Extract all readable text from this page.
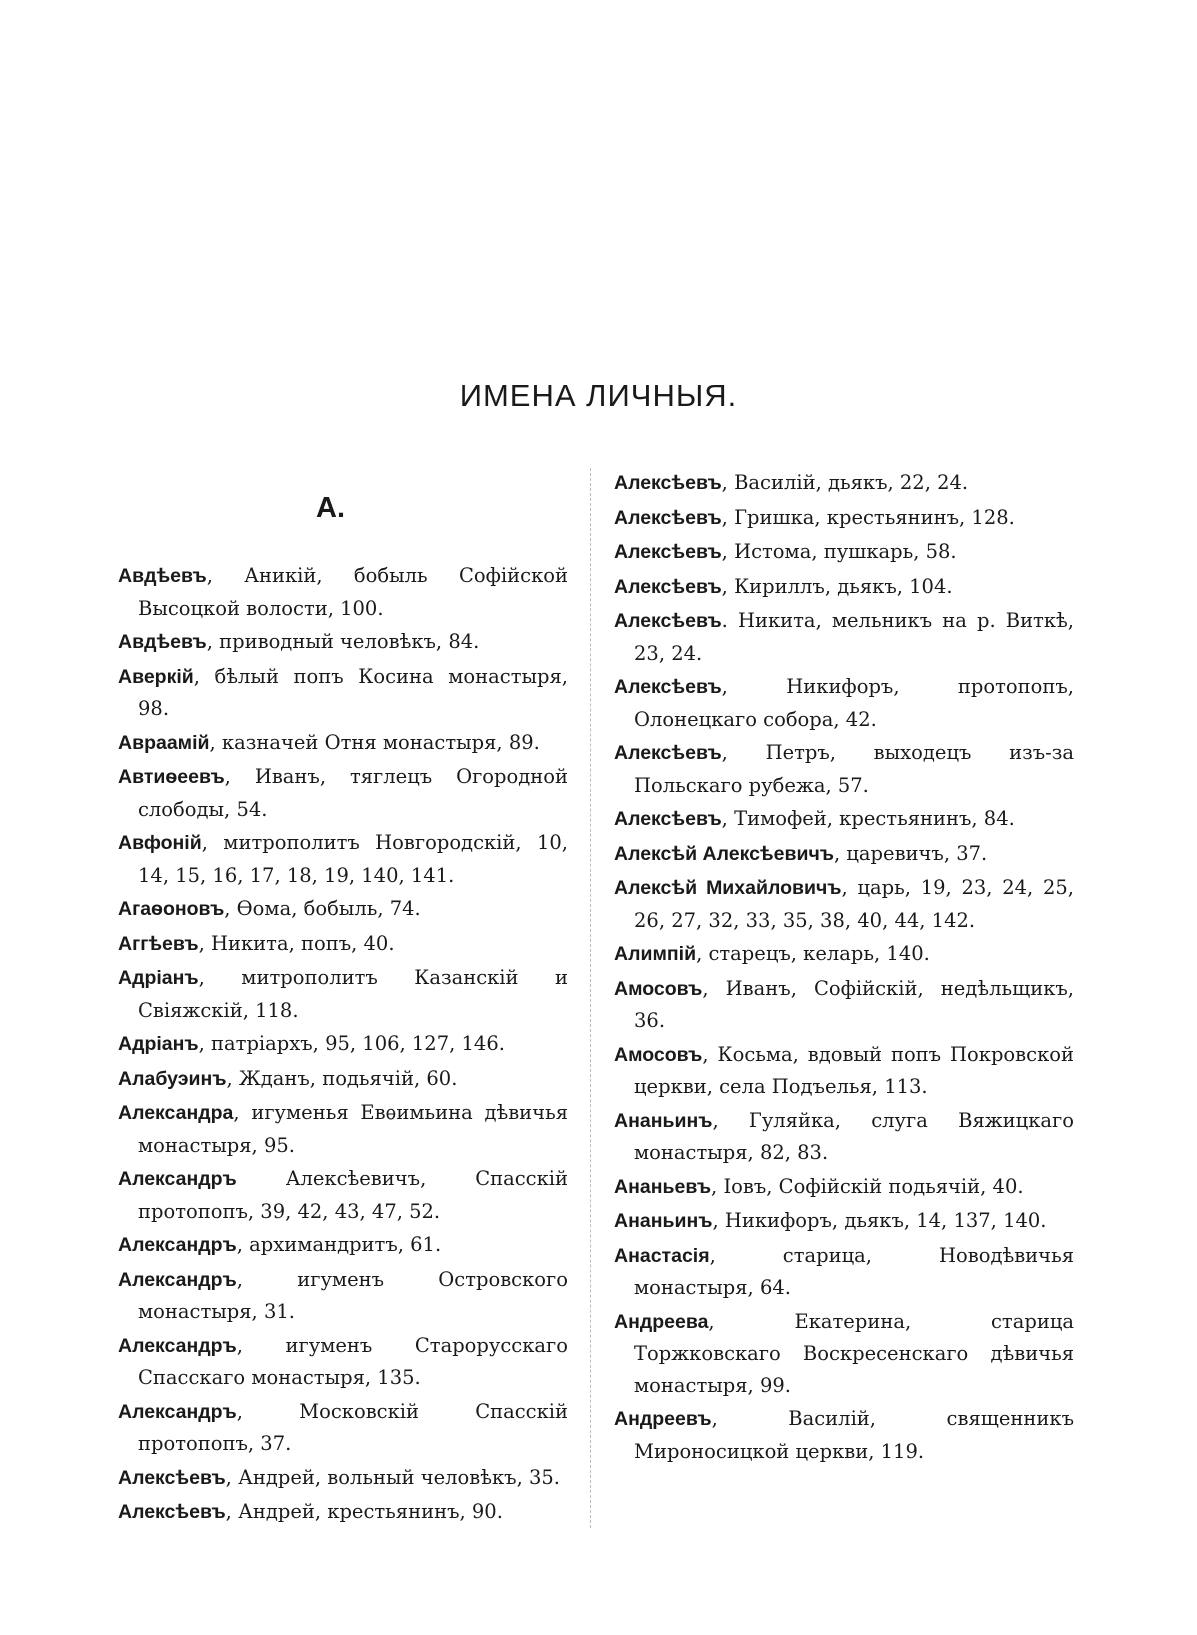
ИМЕНА ЛИЧНЫЯ.
А.

Авдѣевъ, Аникій, бобыль Софійской Высоцкой волости, 100.

Авдѣевъ, приводный человѣкъ, 84.

Аверкій, бѣлый попъ Косина монастыря, 98.

Авраамій, казначей Отня монастыря, 89.

Автиѳеевъ, Иванъ, тяглецъ Огородной слободы, 54.

Авфоній, митрополитъ Новгородскій, 10, 14, 15, 16, 17, 18, 19, 140, 141.

Агаѳоновъ, Ѳома, бобыль, 74.

Аггѣевъ, Никита, попъ, 40.

Адріанъ, митрополитъ Казанскій и Свіяжскій, 118.

Адріанъ, патріархъ, 95, 106, 127, 146.

Алабуэинъ, Жданъ, подьячій, 60.

Александра, игуменья Евѳимьина дѣвичья монастыря, 95.

Александръ Алексѣевичъ, Спасскій протопопъ, 39, 42, 43, 47, 52.

Александръ, архимандритъ, 61.

Александръ, игуменъ Островского монастыря, 31.

Александръ, игуменъ Старорусскаго Спасскаго монастыря, 135.

Александръ, Московскій Спасскій протопопъ, 37.

Алексѣевъ, Андрей, вольный человѣкъ, 35.

Алексѣевъ, Андрей, крестьянинъ, 90.

Алексѣевъ, Василій, дьякъ, 22, 24.

Алексѣевъ, Гришка, крестьянинъ, 128.

Алексѣевъ, Истома, пушкарь, 58.

Алексѣевъ, Кириллъ, дьякъ, 104.

Алексѣевъ. Никита, мельникъ на р. Виткѣ, 23, 24.

Алексѣевъ, Никифоръ, протопопъ, Олонецкаго собора, 42.

Алексѣевъ, Петръ, выходецъ изъ-за Польскаго рубежа, 57.

Алексѣевъ, Тимофей, крестьянинъ, 84.

Алексѣй Алексѣевичъ, царевичъ, 37.

Алексѣй Михайловичъ, царь, 19, 23, 24, 25, 26, 27, 32, 33, 35, 38, 40, 44, 142.

Алимпій, старецъ, келарь, 140.

Амосовъ, Иванъ, Софійскій, недѣльщикъ, 36.

Амосовъ, Косьма, вдовый попъ Покровской церкви, села Подъелья, 113.

Ананьинъ, Гуляйка, слуга Вяжицкаго монастыря, 82, 83.

Ананьевъ, Іовъ, Софійскій подьячій, 40.

Ананьинъ, Никифоръ, дьякъ, 14, 137, 140.

Анастасія, старица, Новодѣвичья монастыря, 64.

Андреева, Екатерина, старица Торжковскаго Воскресенскаго дѣвичья монастыря, 99.

Андреевъ, Василій, священникъ Мироносицкой церкви, 119.
